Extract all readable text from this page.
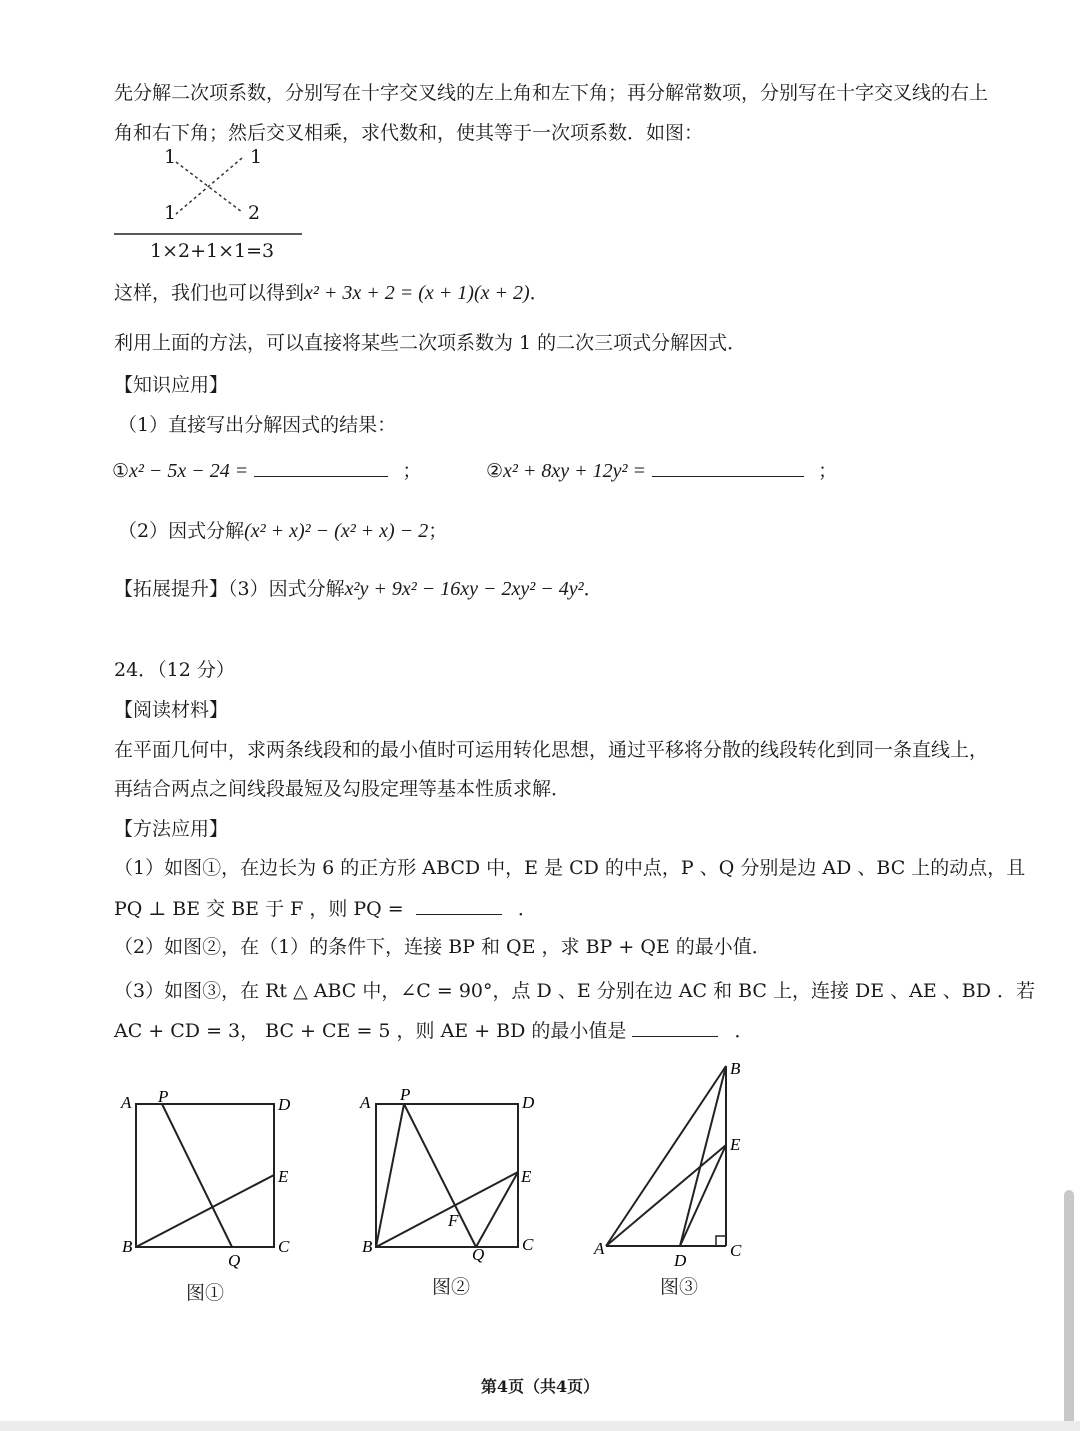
先分解二次项系数，分别写在十字交叉线的左上角和左下角；再分解常数项，分别写在十字交叉线的右上
角和右下角；然后交叉相乘，求代数和，使其等于一次项系数．如图：
1	1
1	2
1×2+1×1=3
这样，我们也可以得到x² + 3x + 2 = (x + 1)(x + 2)．
利用上面的方法，可以直接将某些二次项系数为 1 的二次三项式分解因式．
【知识应用】
（1）直接写出分解因式的结果：
①x² − 5x − 24 =	；	②x² + 8xy + 12y² =	；
（2）因式分解(x² + x)² − (x² + x) − 2；
【拓展提升】（3）因式分解x²y + 9x² − 16xy − 2xy² − 4y²．
24．（12 分）
【阅读材料】
在平面几何中，求两条线段和的最小值时可运用转化思想，通过平移将分散的线段转化到同一条直线上，
再结合两点之间线段最短及勾股定理等基本性质求解．
【方法应用】
（1）如图①，在边长为 6 的正方形 ABCD 中，E 是 CD 的中点，P 、Q 分别是边 AD 、BC 上的动点，且
PQ ⊥ BE 交 BE 于 F ，则 PQ =	．
（2）如图②，在（1）的条件下，连接 BP 和 QE ，求 BP + QE 的最小值．
（3）如图③，在 Rt △ ABC 中，∠C = 90°，点 D 、E 分别在边 AC 和 BC 上，连接 DE 、AE 、BD ．若
AC + CD = 3， BC + CE = 5 ，则 AE + BD 的最小值是	．
A P	D
E
B
Q
C
图①
A P	D
E
F
B	Q
C
图②
B
E
A
D
C
图③
第4页（共4页）
